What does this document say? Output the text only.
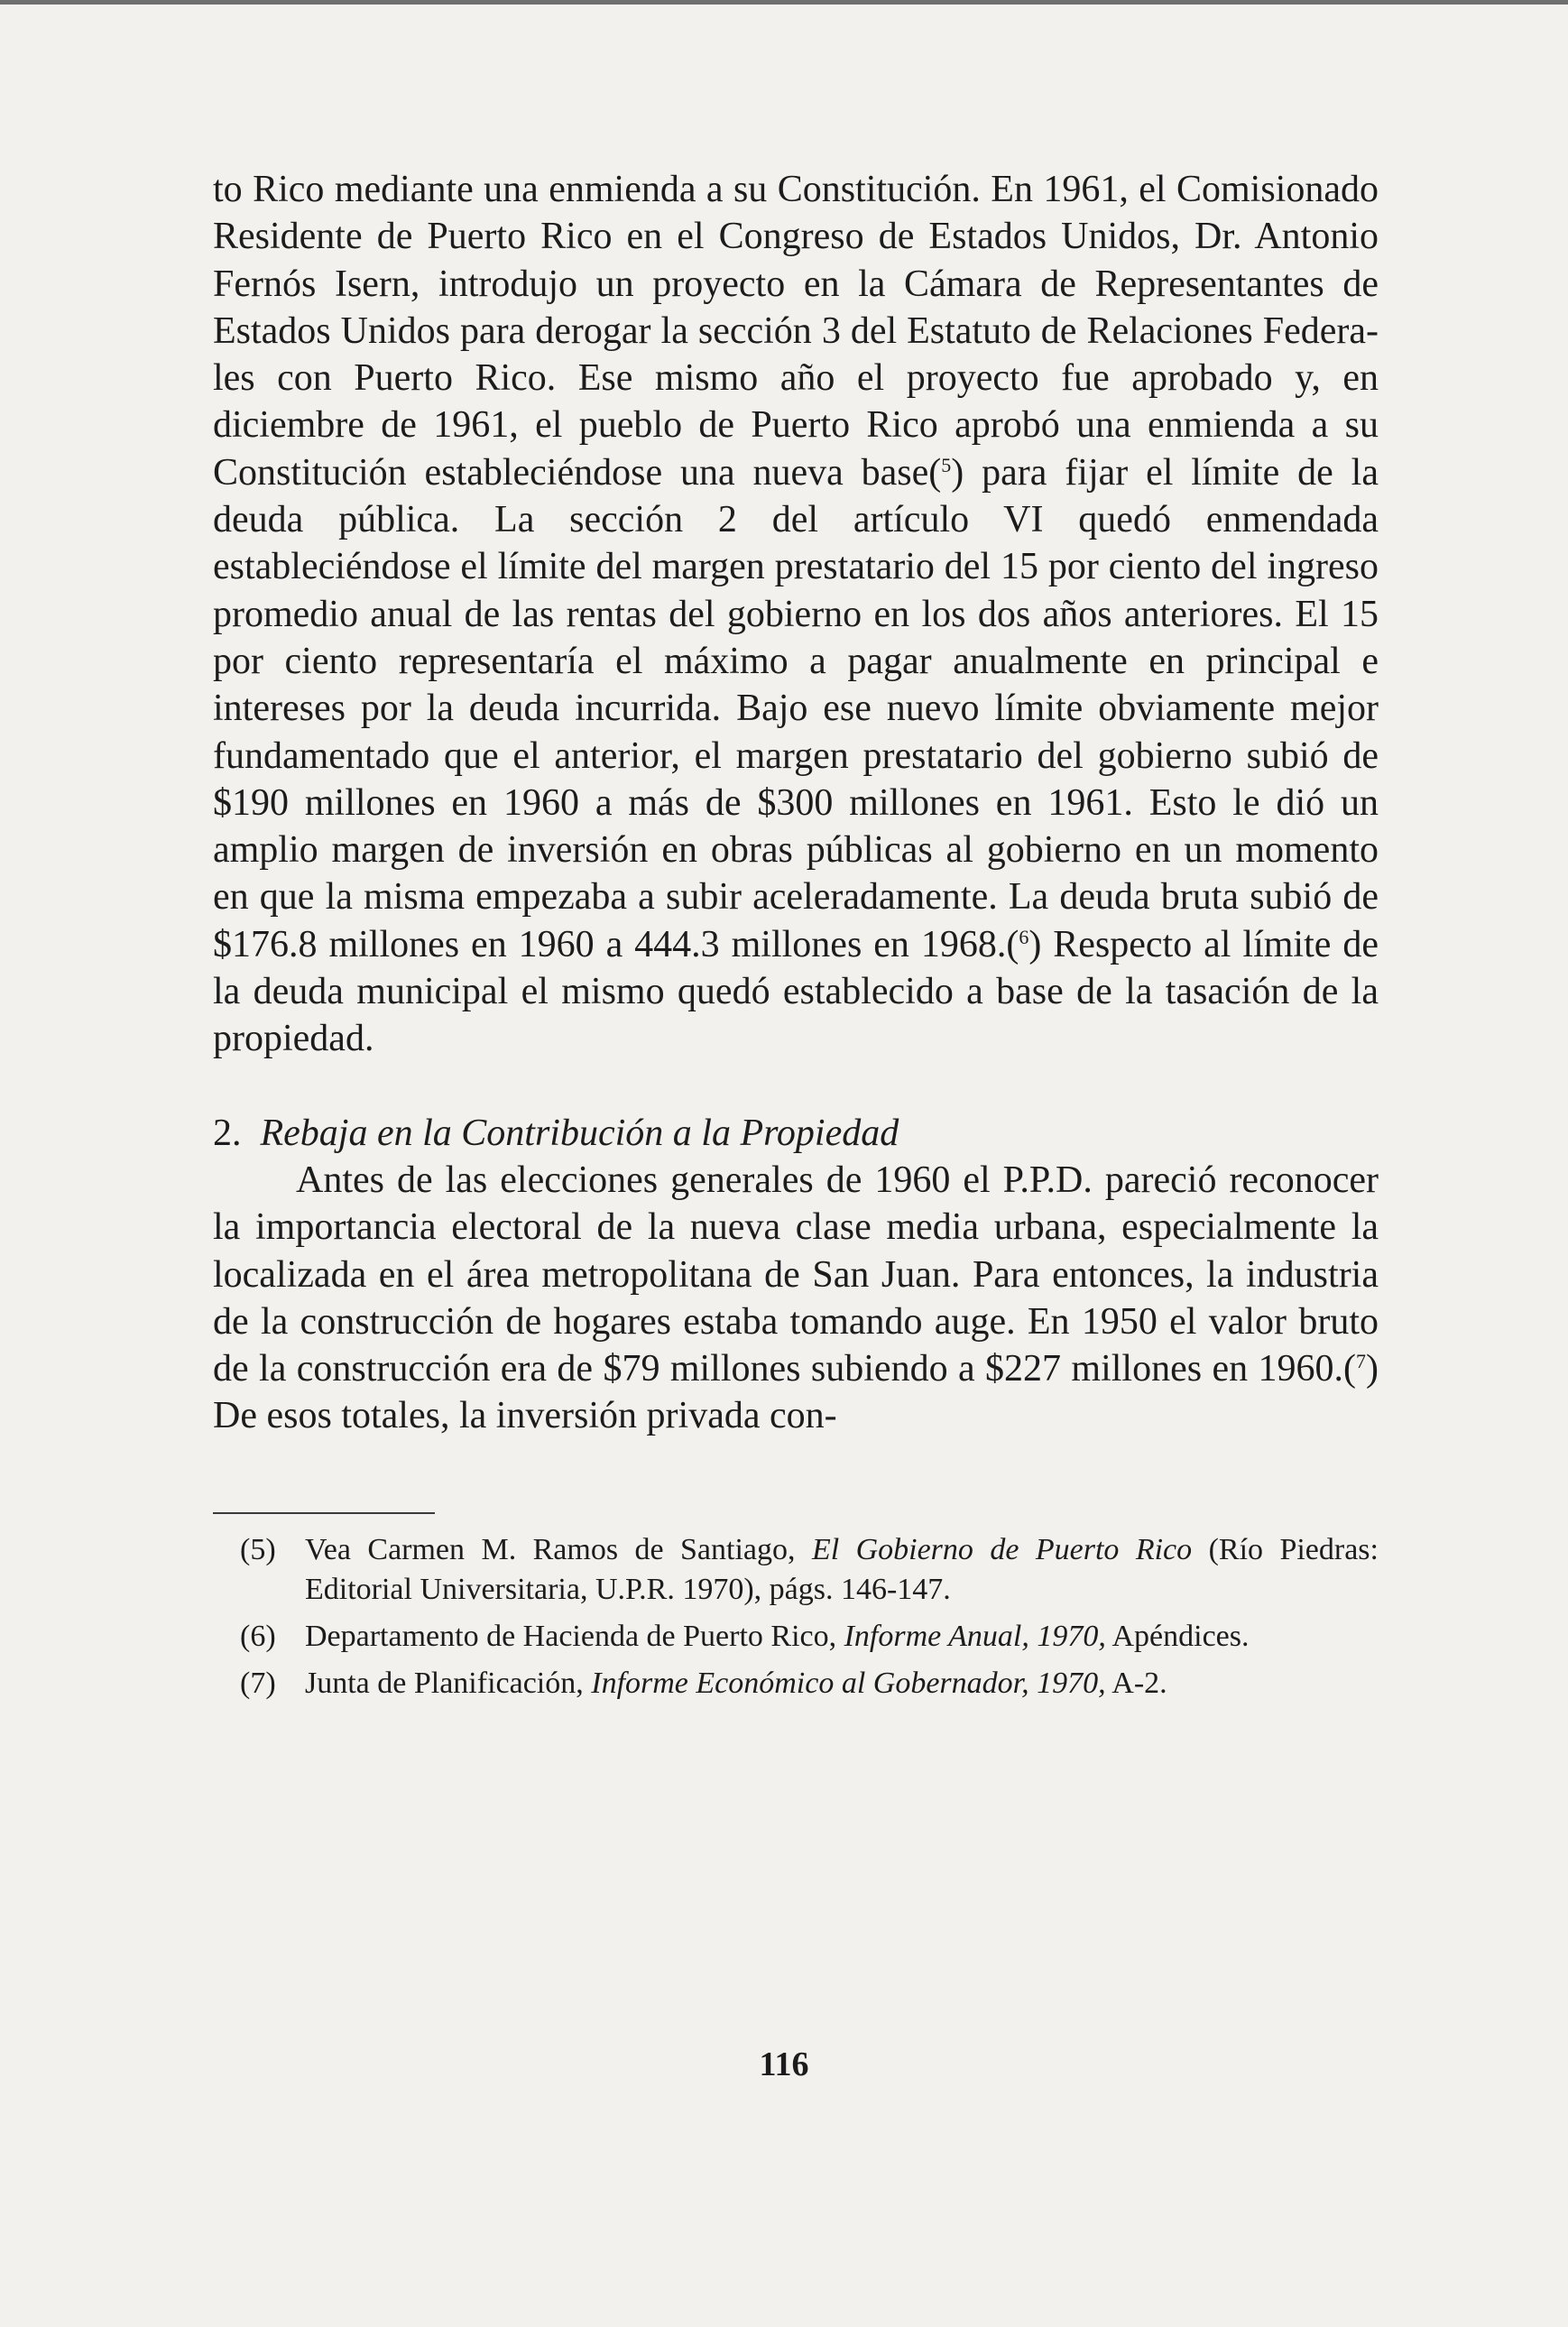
to Rico mediante una enmienda a su Constitución. En 1961, el Comisionado Residente de Puerto Rico en el Congreso de Estados Unidos, Dr. Antonio Fernós Isern, introdujo un proyecto en la Cámara de Representantes de Estados Unidos para derogar la sección 3 del Estatuto de Relaciones Federales con Puerto Rico. Ese mismo año el proyecto fue aprobado y, en diciembre de 1961, el pueblo de Puerto Rico aprobó una enmienda a su Constitución estableciéndose una nueva base($^5$) para fijar el límite de la deuda pública. La sección 2 del artículo VI quedó enmendada estableciéndose el límite del margen prestatario del 15 por ciento del ingreso promedio anual de las rentas del gobierno en los dos años anteriores. El 15 por ciento representaría el máximo a pagar anualmente en principal e intereses por la deuda incurrida. Bajo ese nuevo límite obviamente mejor fundamentado que el anterior, el margen prestatario del gobierno subió de $190 millones en 1960 a más de $300 millones en 1961. Esto le dió un amplio margen de inversión en obras públicas al gobierno en un momento en que la misma empezaba a subir aceleradamente. La deuda bruta subió de $176.8 millones en 1960 a 444.3 millones en 1968.($^6$) Respecto al límite de la deuda municipal el mismo quedó establecido a base de la tasación de la propiedad.

2. Rebaja en la Contribución a la Propiedad

Antes de las elecciones generales de 1960 el P.P.D. pareció reconocer la importancia electoral de la nueva clase media urbana, especialmente la localizada en el área metropolitana de San Juan. Para entonces, la industria de la construcción de hogares estaba tomando auge. En 1950 el valor bruto de la construcción era de $79 millones subiendo a $227 millones en 1960.($^7$) De esos totales, la inversión privada con-

(5) Vea Carmen M. Ramos de Santiago, El Gobierno de Puerto Rico (Río Piedras: Editorial Universitaria, U.P.R. 1970), págs. 146-147.
(6) Departamento de Hacienda de Puerto Rico, Informe Anual, 1970, Apéndices.
(7) Junta de Planificación, Informe Económico al Gobernador, 1970, A-2.
116
